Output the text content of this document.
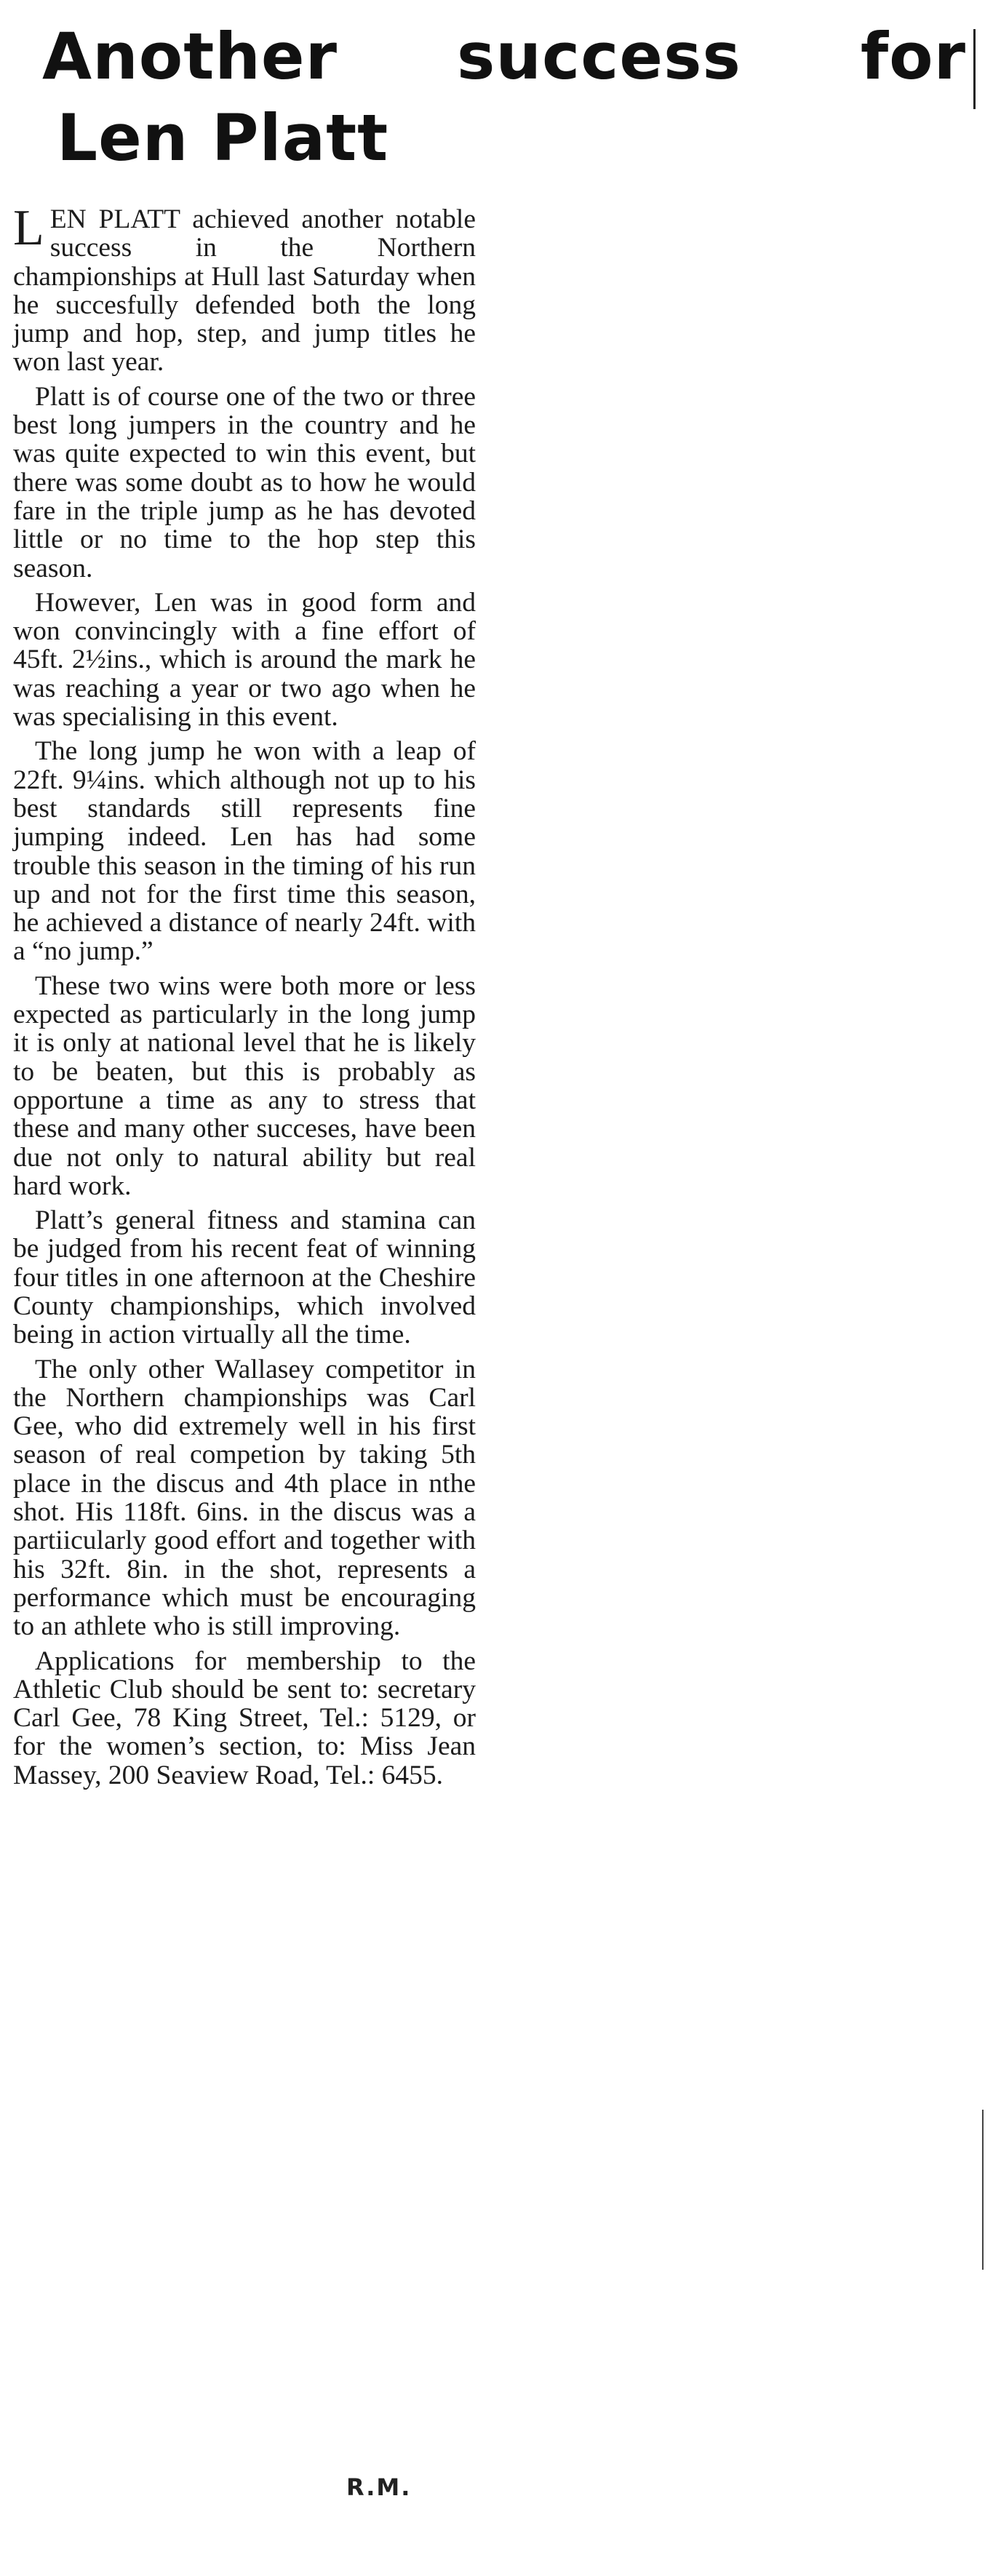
Another success for
Len Platt

LEN PLATT achieved another notable success in the Northern championships at Hull last Saturday when he succesfully defended both the long jump and hop, step, and jump titles he won last year.

Platt is of course one of the two or three best long jumpers in the country and he was quite expected to win this event, but there was some doubt as to how he would fare in the triple jump as he has devoted little or no time to the hop step this season.

However, Len was in good form and won convincingly with a fine effort of 45ft. 2½ins., which is around the mark he was reaching a year or two ago when he was specialising in this event.

The long jump he won with a leap of 22ft. 9¼ins. which although not up to his best standards still represents fine jumping indeed. Len has had some trouble this season in the timing of his run up and not for the first time this season, he achieved a distance of nearly 24ft. with a “no jump.”

These two wins were both more or less expected as particularly in the long jump it is only at national level that he is likely to be beaten, but this is probably as opportune a time as any to stress that these and many other succeses, have been due not only to natural ability but real hard work.

Platt’s general fitness and stamina can be judged from his recent feat of winning four titles in one afternoon at the Cheshire County championships, which involved being in action virtually all the time.

The only other Wallasey competitor in the Northern championships was Carl Gee, who did extremely well in his first season of real competion by taking 5th place in the discus and 4th place in nthe shot. His 118ft. 6ins. in the discus was a partiicularly good effort and together with his 32ft. 8in. in the shot, represents a performance which must be encouraging to an athlete who is still improving.

Applications for membership to the Athletic Club should be sent to: secretary Carl Gee, 78 King Street, Tel.: 5129, or for the women’s section, to: Miss Jean Massey, 200 Seaview Road, Tel.: 6455.

R.M.
